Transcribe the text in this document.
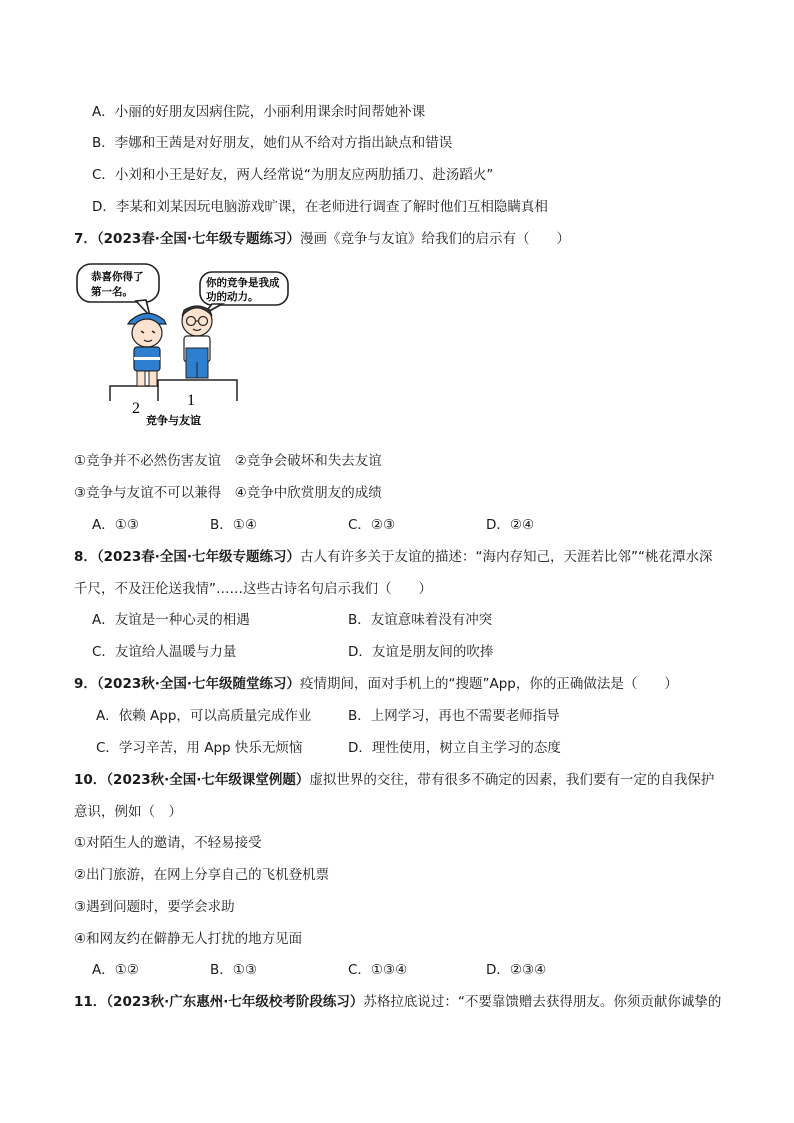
A．小丽的好朋友因病住院，小丽利用课余时间帮她补课
B．李娜和王茜是对好朋友，她们从不给对方指出缺点和错误
C．小刘和小王是好友，两人经常说“为朋友应两肋插刀、赴汤蹈火”
D．李某和刘某因玩电脑游戏旷课，在老师进行调查了解时他们互相隐瞒真相
7．（2023春·全国·七年级专题练习）漫画《竞争与友谊》给我们的启示有（　　）
恭喜你得了
第一名。
你的竞争是我成
功的动力。
2	1
竞争与友谊
①竞争并不必然伤害友谊　②竞争会破坏和失去友谊
③竞争与友谊不可以兼得　④竞争中欣赏朋友的成绩
A．①③	B．①④	C．②③	D．②④
8．（2023春·全国·七年级专题练习）古人有许多关于友谊的描述：“海内存知己，天涯若比邻”“桃花潭水深
千尺，不及汪伦送我情”……这些古诗名句启示我们（　　）
A．友谊是一种心灵的相遇	B．友谊意味着没有冲突
C．友谊给人温暖与力量	D．友谊是朋友间的吹捧
9．（2023秋·全国·七年级随堂练习）疫情期间，面对手机上的“搜题”App，你的正确做法是（　　）
A．依赖 App，可以高质量完成作业	B．上网学习，再也不需要老师指导
C．学习辛苦，用 App 快乐无烦恼	D．理性使用，树立自主学习的态度
10．（2023秋·全国·七年级课堂例题）虚拟世界的交往，带有很多不确定的因素，我们要有一定的自我保护
意识，例如（　）
①对陌生人的邀请，不轻易接受
②出门旅游，在网上分享自己的飞机登机票
③遇到问题时，要学会求助
④和网友约在僻静无人打扰的地方见面
A．①②	B．①③	C．①③④	D．②③④
11．（2023秋·广东惠州·七年级校考阶段练习）苏格拉底说过：“不要靠馈赠去获得朋友。你须贡献你诚挚的
